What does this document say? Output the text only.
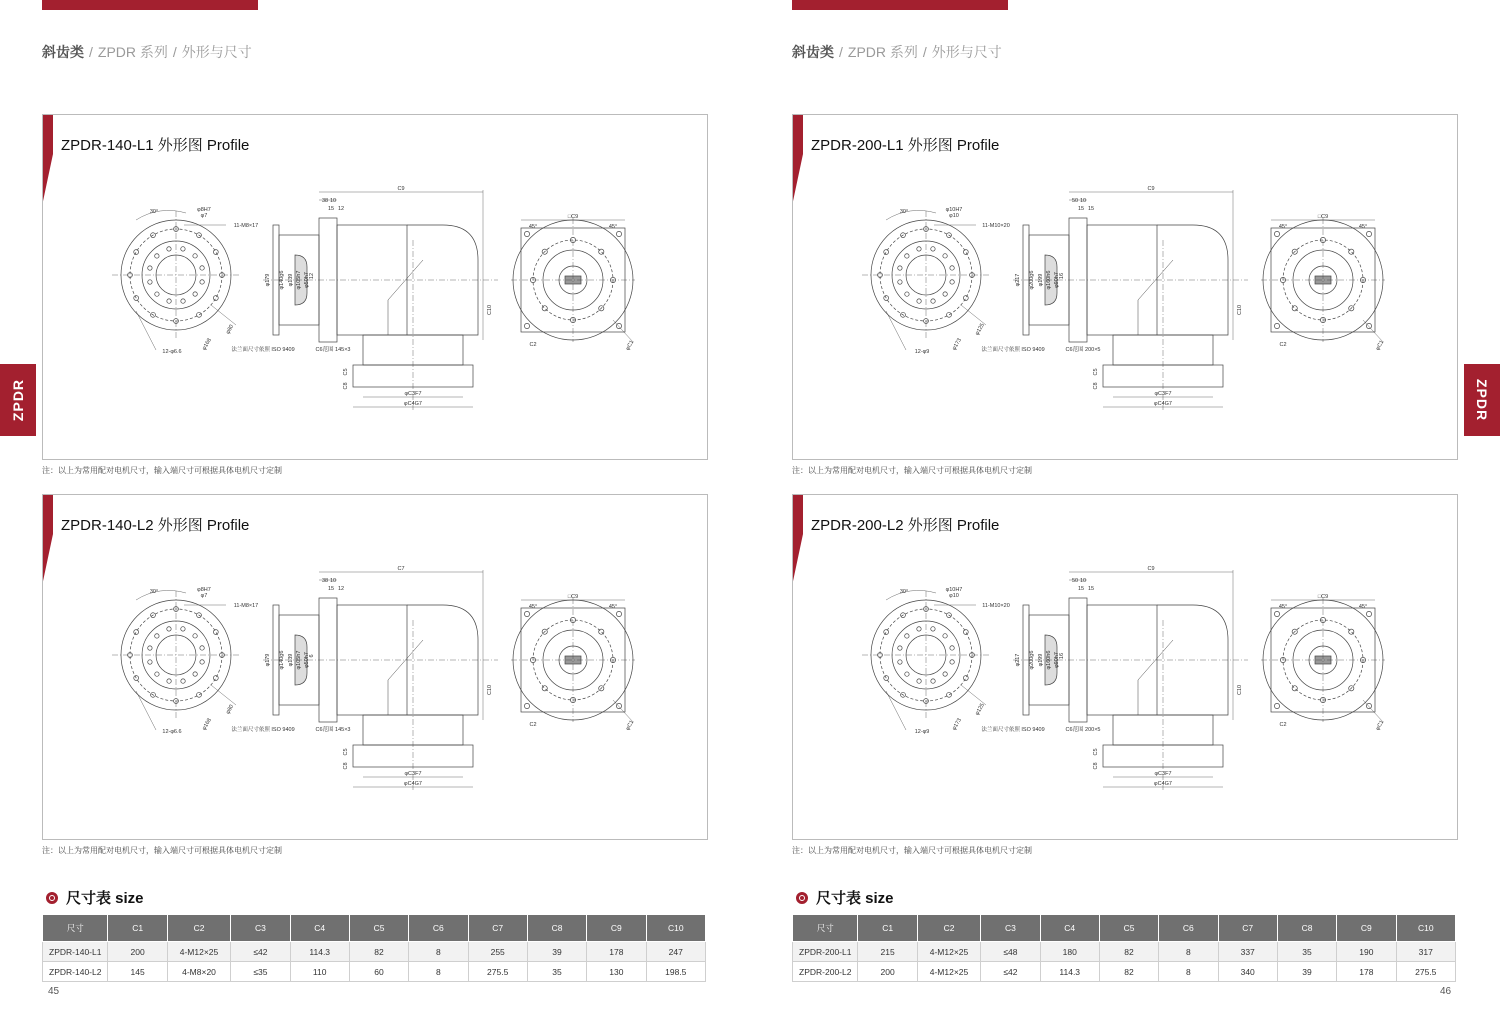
斜齿类 / ZPDR 系列 / 外形与尺寸
ZPDR-140-L1 外形图 Profile
30°	φ8H7
φ7
11-M8×17
12-φ6.6
φ80
φ168
C9
38 10
15 12
φ179 φ140g6 φ139 φ105h7 φ50h7 12
C10
C5
C8
φC3F7
φC4G7
法兰面尺寸依照 ISO 9409	C6范围 145×3
□C9
45°	45°
C2	φC1
注：以上为常用配对电机尺寸，输入端尺寸可根据具体电机尺寸定制
ZPDR-140-L2 外形图 Profile
30°	φ8H7
φ7
11-M8×17
12-φ6.6
φ80
φ168
C7
38 10
15 12
φ179 φ140g6 φ139 φ105h7 φ50h7 6
C10
C5
C8
φC3F7
φC4G7
法兰面尺寸依照 ISO 9409	C6范围 145×3
□C9
45°	45°
C2	φC1
注：以上为常用配对电机尺寸，输入端尺寸可根据具体电机尺寸定制
ZPDR
尺寸表 size
尺寸	C1	C2	C3	C4	C5	C6	C7	C8	C9	C10
ZPDR-140-L1	200	4-M12×25	≤42	114.3	82	8	255	39	178	247
ZPDR-140-L2	145	4-M8×20	≤35	110	60	8	275.5	35	130	198.5
45
斜齿类 / ZPDR 系列 / 外形与尺寸
ZPDR-200-L1 外形图 Profile
30°	φ10H7
φ10
11-M10×20
12-φ9
φ125
φ173
C9
50 10
15 15
φ217 φ200g6 φ199 φ160h6 φ90h7 16
C10
C5
C8
φC3F7
φC4G7
法兰面尺寸依照 ISO 9409	C6范围 200×5
□C9
45°	45°
C2	φC1
注：以上为常用配对电机尺寸，输入端尺寸可根据具体电机尺寸定制
ZPDR-200-L2 外形图 Profile
30°	φ10H7
φ10
11-M10×20
12-φ9
φ125
φ173
C9
50 10
15 15
φ217 φ200g6 φ199 φ160h6 φ90h7 16
C10
C5
C8
φC3F7
φC4G7
法兰面尺寸依照 ISO 9409	C6范围 200×5
□C9
45°	45°
C2	φC1
注：以上为常用配对电机尺寸，输入端尺寸可根据具体电机尺寸定制
ZPDR
尺寸表 size
尺寸	C1	C2	C3	C4	C5	C6	C7	C8	C9	C10
ZPDR-200-L1	215	4-M12×25	≤48	180	82	8	337	35	190	317
ZPDR-200-L2	200	4-M12×25	≤42	114.3	82	8	340	39	178	275.5
46
